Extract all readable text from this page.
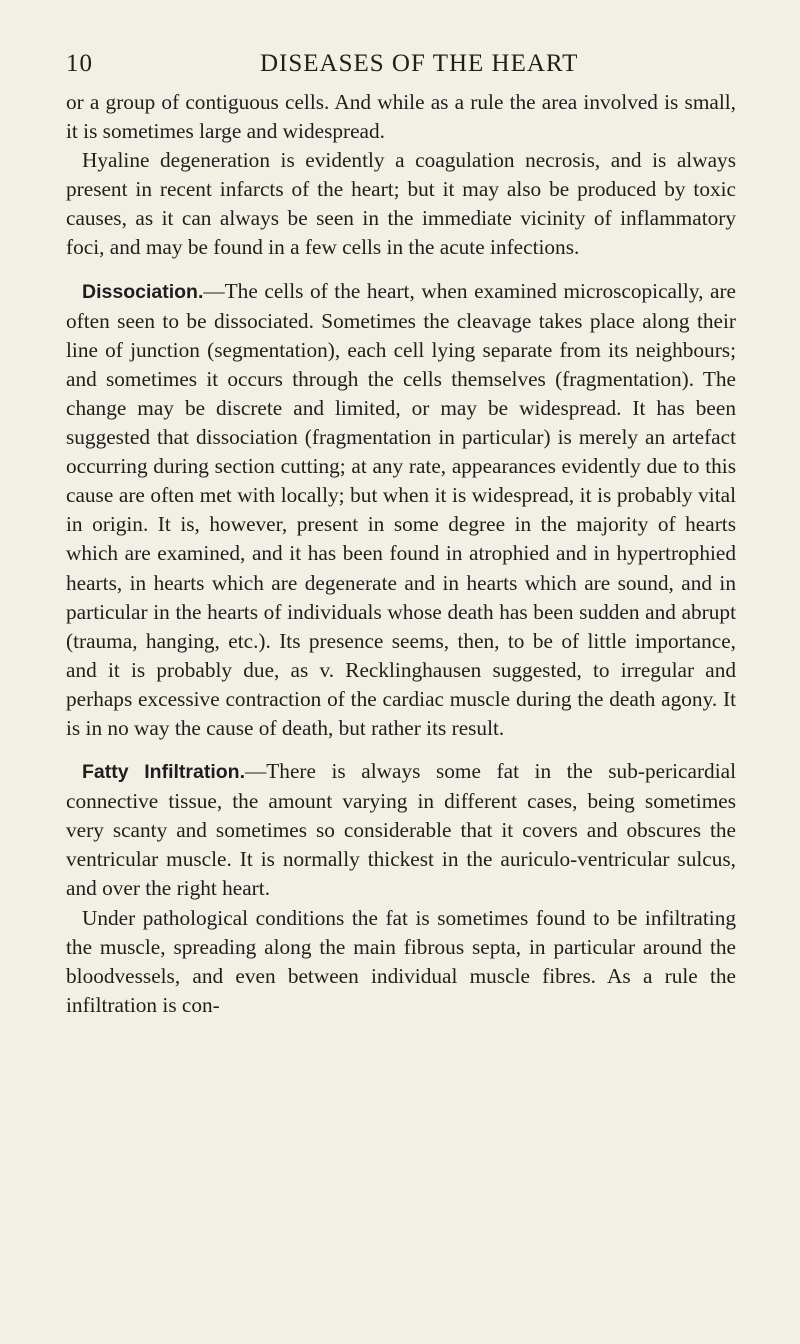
10	DISEASES OF THE HEART

or a group of contiguous cells. And while as a rule the area involved is small, it is sometimes large and widespread.

Hyaline degeneration is evidently a coagulation necrosis, and is always present in recent infarcts of the heart; but it may also be produced by toxic causes, as it can always be seen in the immediate vicinity of inflammatory foci, and may be found in a few cells in the acute infections.

Dissociation.—The cells of the heart, when examined microscopically, are often seen to be dissociated. Sometimes the cleavage takes place along their line of junction (segmentation), each cell lying separate from its neighbours; and sometimes it occurs through the cells themselves (fragmentation). The change may be discrete and limited, or may be widespread. It has been suggested that dissociation (fragmentation in particular) is merely an artefact occurring during section cutting; at any rate, appearances evidently due to this cause are often met with locally; but when it is widespread, it is probably vital in origin. It is, however, present in some degree in the majority of hearts which are examined, and it has been found in atrophied and in hypertrophied hearts, in hearts which are degenerate and in hearts which are sound, and in particular in the hearts of individuals whose death has been sudden and abrupt (trauma, hanging, etc.). Its presence seems, then, to be of little importance, and it is probably due, as v. Recklinghausen suggested, to irregular and perhaps excessive contraction of the cardiac muscle during the death agony. It is in no way the cause of death, but rather its result.

Fatty Infiltration.—There is always some fat in the sub-pericardial connective tissue, the amount varying in different cases, being sometimes very scanty and sometimes so considerable that it covers and obscures the ventricular muscle. It is normally thickest in the auriculo-ventricular sulcus, and over the right heart.

Under pathological conditions the fat is sometimes found to be infiltrating the muscle, spreading along the main fibrous septa, in particular around the bloodvessels, and even between individual muscle fibres. As a rule the infiltration is con-
